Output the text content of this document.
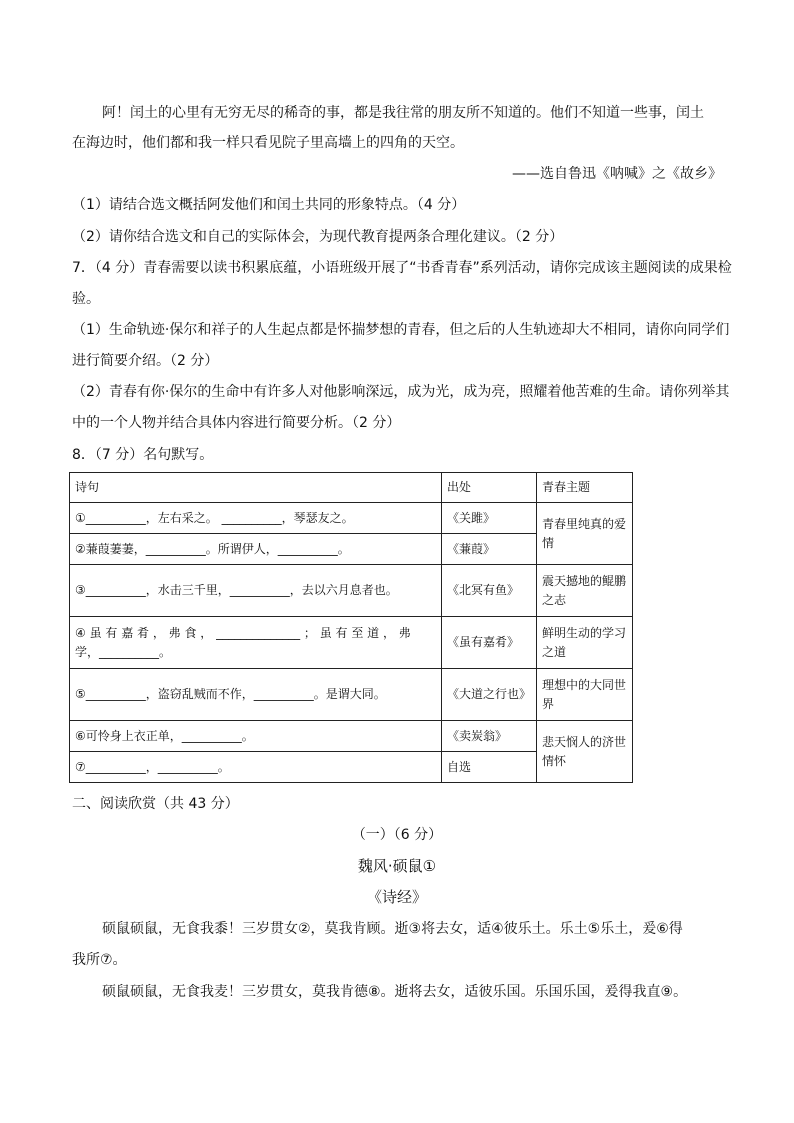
阿！闰土的心里有无穷无尽的稀奇的事，都是我往常的朋友所不知道的。他们不知道一些事，闰土
在海边时，他们都和我一样只看见院子里高墙上的四角的天空。
——选自鲁迅《呐喊》之《故乡》
（1）请结合选文概括阿发他们和闰土共同的形象特点。（4 分）
（2）请你结合选文和自己的实际体会，为现代教育提两条合理化建议。（2 分）
7．（4 分）青春需要以读书积累底蕴，小语班级开展了“书香青春”系列活动，请你完成该主题阅读的成果检
验。
（1）生命轨迹·保尔和祥子的人生起点都是怀揣梦想的青春，但之后的人生轨迹却大不相同，请你向同学们
进行简要介绍。（2 分）
（2）青春有你·保尔的生命中有许多人对他影响深远，成为光，成为亮，照耀着他苦难的生命。请你列举其
中的一个人物并结合具体内容进行简要分析。（2 分）
8．（7 分）名句默写。
诗句	出处	青春主题
①__________，左右采之。 __________，琴瑟友之。	《关雎》	青春里纯真的爱情
②蒹葭萋萋，__________。所谓伊人，__________。	《蒹葭》	
③__________，水击三千里，__________，去以六月息者也。	《北冥有鱼》	震天撼地的鲲鹏之志

④ 虽 有 嘉 肴 ， 弗 食 ， ______________ ； 虽 有 至 道 ， 弗
学，__________。	《虽有嘉肴》	鲜明生动的学习之道
⑤__________，盗窃乱贼而不作，__________。是谓大同。	《大道之行也》	理想中的大同世界
⑥可怜身上衣正单，__________。	《卖炭翁》	悲天悯人的济世情怀
⑦__________，__________。	自选	
二、阅读欣赏（共 43 分）
（一）（6 分）
魏风·硕鼠①
《诗经》
硕鼠硕鼠，无食我黍！三岁贯女②，莫我肯顾。逝③将去女，适④彼乐土。乐土⑤乐土，爰⑥得
我所⑦。
硕鼠硕鼠，无食我麦！三岁贯女，莫我肯德⑧。逝将去女，适彼乐国。乐国乐国，爰得我直⑨。
